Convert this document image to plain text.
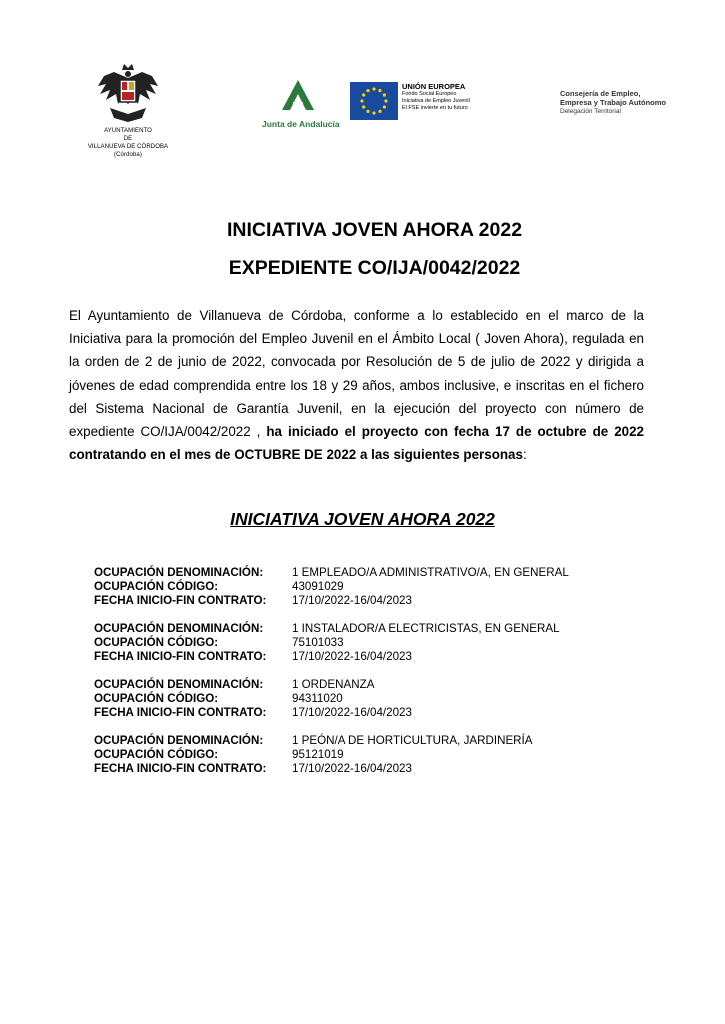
AYUNTAMIENTO
DE
VILLANUEVA DE CÓRDOBA
(Córdoba)
Junta de Andalucía
UNIÓN EUROPEA
Fondo Social Europeo
Iniciativa de Empleo Juvenil
El FSE invierte en tu futuro
Consejería de Empleo,
Empresa y Trabajo Autónomo
Delegación Territorial
INICIATIVA JOVEN AHORA 2022
EXPEDIENTE CO/IJA/0042/2022
El Ayuntamiento de Villanueva de Córdoba, conforme a lo establecido en el marco de la Iniciativa para la promoción del Empleo Juvenil en el Ámbito Local ( Joven Ahora), regulada en la orden de 2 de junio de 2022, convocada por Resolución de 5 de julio de 2022 y dirigida a jóvenes de edad comprendida entre los 18 y 29 años, ambos inclusive, e inscritas en el fichero del Sistema Nacional de Garantía Juvenil, en la ejecución del proyecto con número de expediente CO/IJA/0042/2022 , ha iniciado el proyecto con fecha 17 de octubre de 2022 contratando en el mes de OCTUBRE DE 2022 a las siguientes personas:
INICIATIVA JOVEN AHORA 2022
OCUPACIÓN DENOMINACIÓN:	1 EMPLEADO/A ADMINISTRATIVO/A, EN GENERAL
OCUPACIÓN CÓDIGO:	43091029
FECHA INICIO-FIN CONTRATO:	17/10/2022-16/04/2023
OCUPACIÓN DENOMINACIÓN:	1 INSTALADOR/A ELECTRICISTAS, EN GENERAL
OCUPACIÓN CÓDIGO:	75101033
FECHA INICIO-FIN CONTRATO:	17/10/2022-16/04/2023
OCUPACIÓN DENOMINACIÓN:	1 ORDENANZA
OCUPACIÓN CÓDIGO:	94311020
FECHA INICIO-FIN CONTRATO:	17/10/2022-16/04/2023
OCUPACIÓN DENOMINACIÓN:	1 PEÓN/A DE HORTICULTURA, JARDINERÍA
OCUPACIÓN CÓDIGO:	95121019
FECHA INICIO-FIN CONTRATO:	17/10/2022-16/04/2023
